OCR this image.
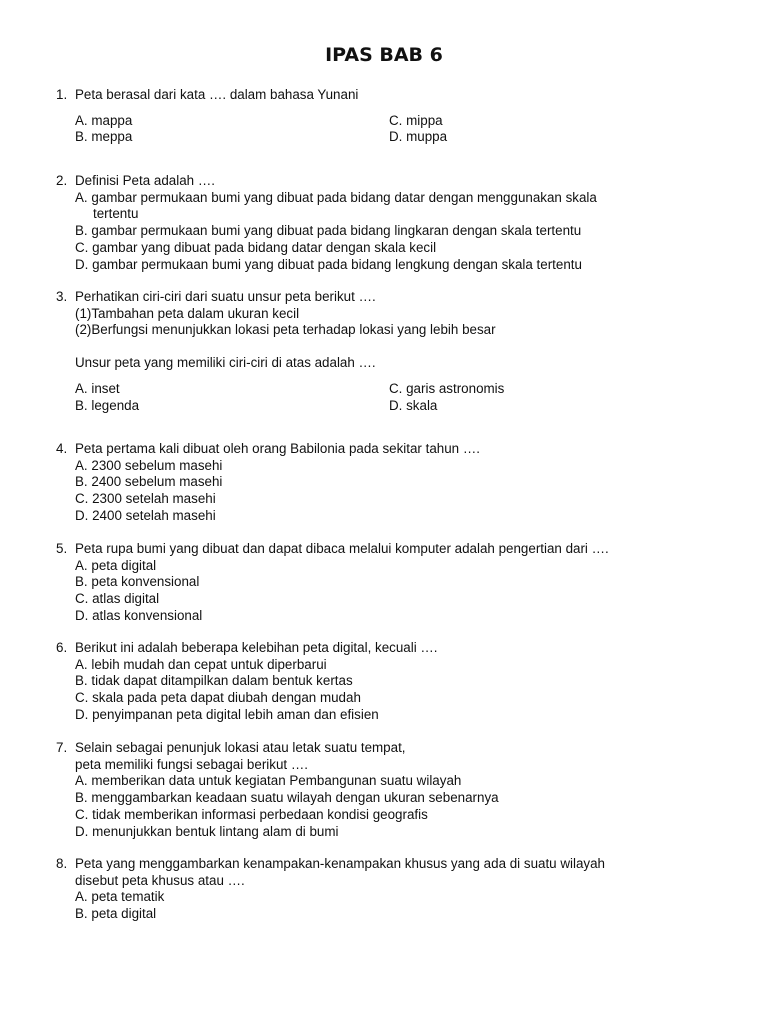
IPAS BAB 6
1. Peta berasal dari kata …. dalam bahasa Yunani
A. mappa	C. mippa
B. meppa	D. muppa
2. Definisi Peta adalah ….
A. gambar permukaan bumi yang dibuat pada bidang datar dengan menggunakan skala
tertentu
B. gambar permukaan bumi yang dibuat pada bidang lingkaran dengan skala tertentu
C. gambar yang dibuat pada bidang datar dengan skala kecil
D. gambar permukaan bumi yang dibuat pada bidang lengkung dengan skala tertentu
3. Perhatikan ciri-ciri dari suatu unsur peta berikut ….
(1)Tambahan peta dalam ukuran kecil
(2)Berfungsi menunjukkan lokasi peta terhadap lokasi yang lebih besar
Unsur peta yang memiliki ciri-ciri di atas adalah ….
A. inset	C. garis astronomis
B. legenda	D. skala
4. Peta pertama kali dibuat oleh orang Babilonia pada sekitar tahun ….
A. 2300 sebelum masehi
B. 2400 sebelum masehi
C. 2300 setelah masehi
D. 2400 setelah masehi
5. Peta rupa bumi yang dibuat dan dapat dibaca melalui komputer adalah pengertian dari ….
A. peta digital
B. peta konvensional
C. atlas digital
D. atlas konvensional
6. Berikut ini adalah beberapa kelebihan peta digital, kecuali ….
A. lebih mudah dan cepat untuk diperbarui
B. tidak dapat ditampilkan dalam bentuk kertas
C. skala pada peta dapat diubah dengan mudah
D. penyimpanan peta digital lebih aman dan efisien
7. Selain sebagai penunjuk lokasi atau letak suatu tempat,
peta memiliki fungsi sebagai berikut ….
A. memberikan data untuk kegiatan Pembangunan suatu wilayah
B. menggambarkan keadaan suatu wilayah dengan ukuran sebenarnya
C. tidak memberikan informasi perbedaan kondisi geografis
D. menunjukkan bentuk lintang alam di bumi
8. Peta yang menggambarkan kenampakan-kenampakan khusus yang ada di suatu wilayah
disebut peta khusus atau ….
A. peta tematik
B. peta digital
